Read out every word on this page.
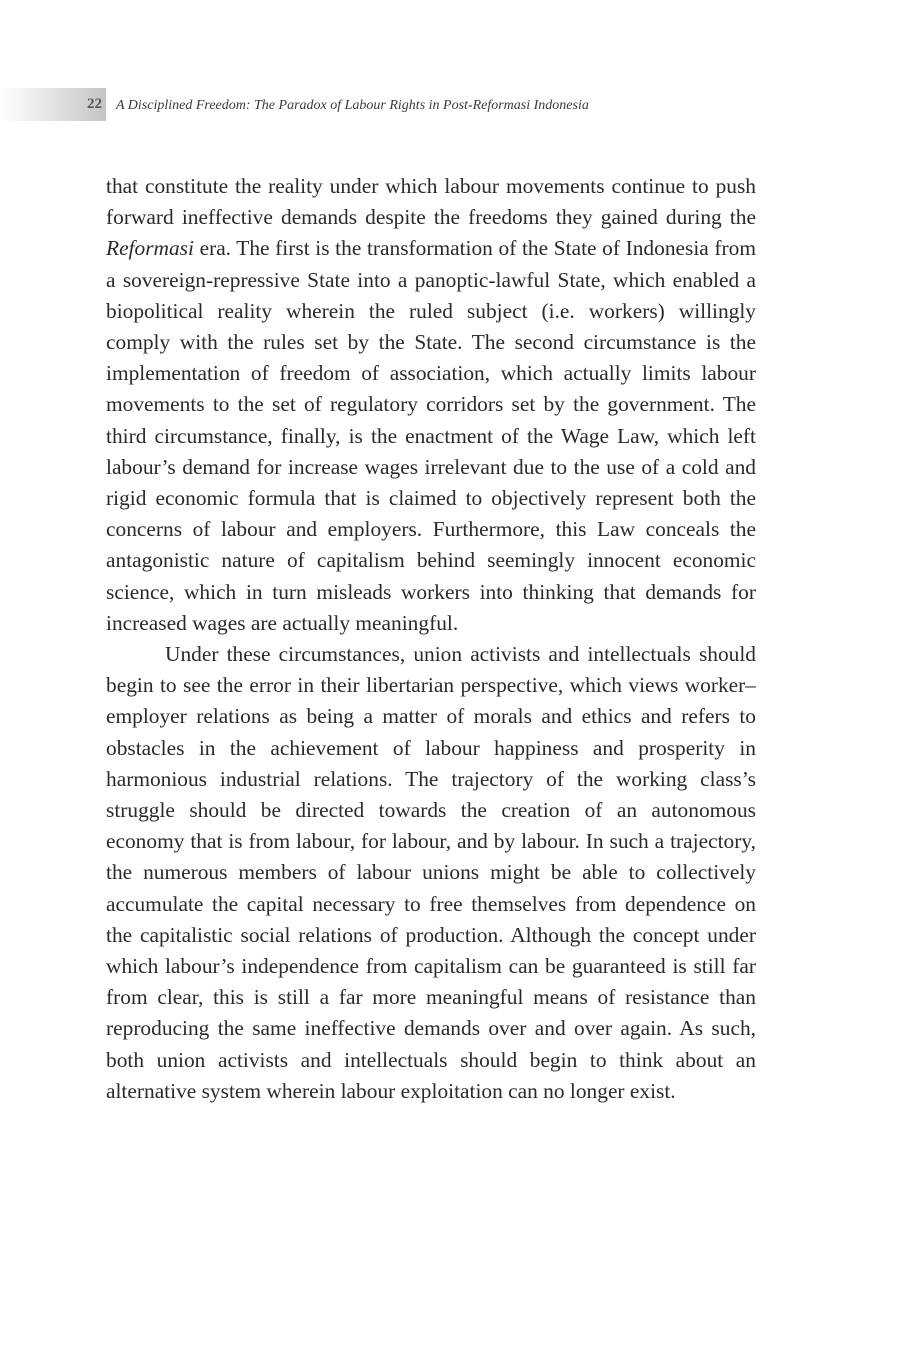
22 A Disciplined Freedom: The Paradox of Labour Rights in Post-Reformasi Indonesia

that constitute the reality under which labour movements continue to push forward ineffective demands despite the freedoms they gained during the Reformasi era. The first is the transformation of the State of Indonesia from a sovereign-repressive State into a panoptic-lawful State, which enabled a biopolitical reality wherein the ruled subject (i.e. workers) willingly comply with the rules set by the State. The second circumstance is the implementation of freedom of association, which actually limits labour movements to the set of regulatory corridors set by the government. The third circumstance, finally, is the enactment of the Wage Law, which left labour’s demand for increase wages irrelevant due to the use of a cold and rigid economic formula that is claimed to objectively represent both the concerns of labour and employers. Furthermore, this Law conceals the antagonistic nature of capitalism behind seemingly innocent economic science, which in turn misleads workers into thinking that demands for increased wages are actually meaningful.

Under these circumstances, union activists and intellectuals should begin to see the error in their libertarian perspective, which views worker–employer relations as being a matter of morals and ethics and refers to obstacles in the achievement of labour happiness and prosperity in harmonious industrial relations. The trajectory of the working class’s struggle should be directed towards the creation of an autonomous economy that is from labour, for labour, and by labour. In such a trajectory, the numerous members of labour unions might be able to collectively accumulate the capital necessary to free themselves from dependence on the capitalistic social relations of production. Although the concept under which labour’s independence from capitalism can be guaranteed is still far from clear, this is still a far more meaningful means of resistance than reproducing the same ineffective demands over and over again. As such, both union activists and intellectuals should begin to think about an alternative system wherein labour exploitation can no longer exist.
